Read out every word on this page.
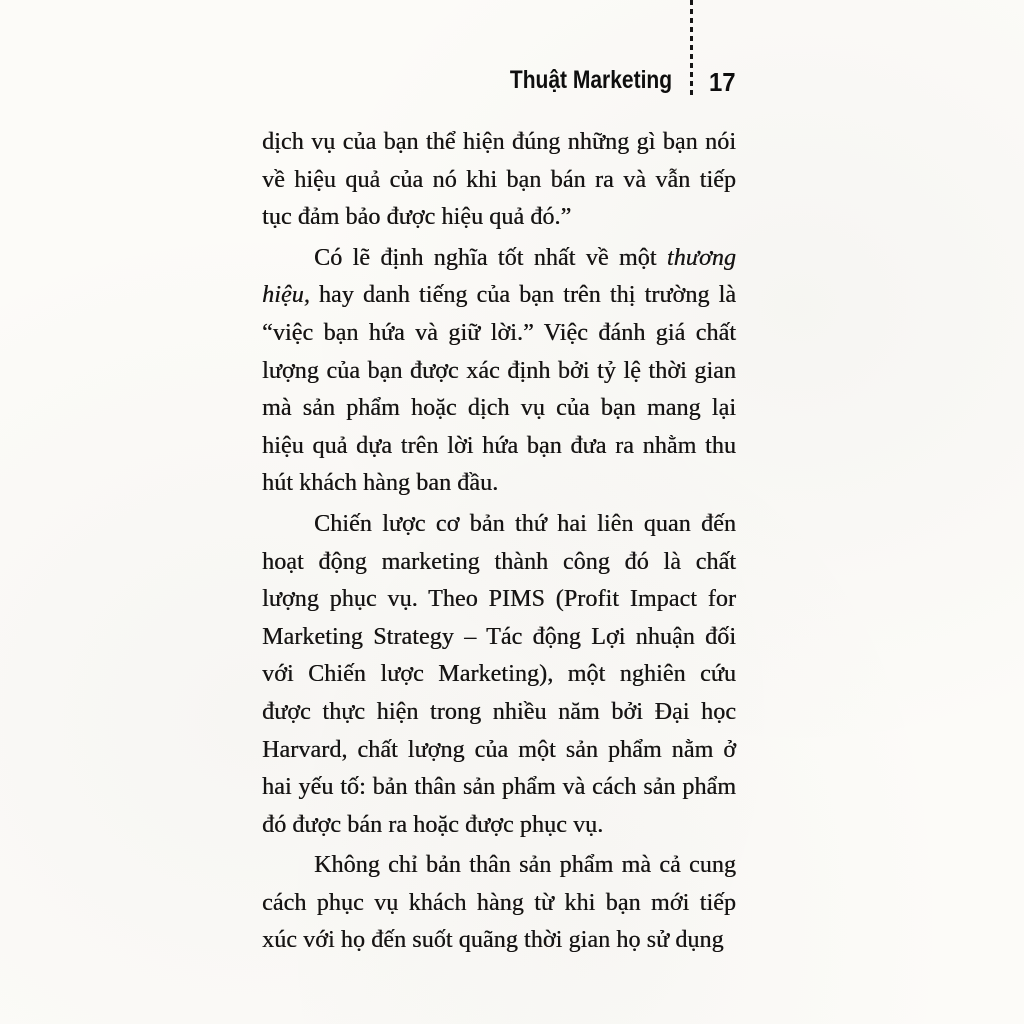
Thuật Marketing 17

dịch vụ của bạn thể hiện đúng những gì bạn nói về hiệu quả của nó khi bạn bán ra và vẫn tiếp tục đảm bảo được hiệu quả đó.”

Có lẽ định nghĩa tốt nhất về một thương hiệu, hay danh tiếng của bạn trên thị trường là “việc bạn hứa và giữ lời.” Việc đánh giá chất lượng của bạn được xác định bởi tỷ lệ thời gian mà sản phẩm hoặc dịch vụ của bạn mang lại hiệu quả dựa trên lời hứa bạn đưa ra nhằm thu hút khách hàng ban đầu.

Chiến lược cơ bản thứ hai liên quan đến hoạt động marketing thành công đó là chất lượng phục vụ. Theo PIMS (Profit Impact for Marketing Strategy – Tác động Lợi nhuận đối với Chiến lược Marketing), một nghiên cứu được thực hiện trong nhiều năm bởi Đại học Harvard, chất lượng của một sản phẩm nằm ở hai yếu tố: bản thân sản phẩm và cách sản phẩm đó được bán ra hoặc được phục vụ.

Không chỉ bản thân sản phẩm mà cả cung cách phục vụ khách hàng từ khi bạn mới tiếp xúc với họ đến suốt quãng thời gian họ sử dụng
